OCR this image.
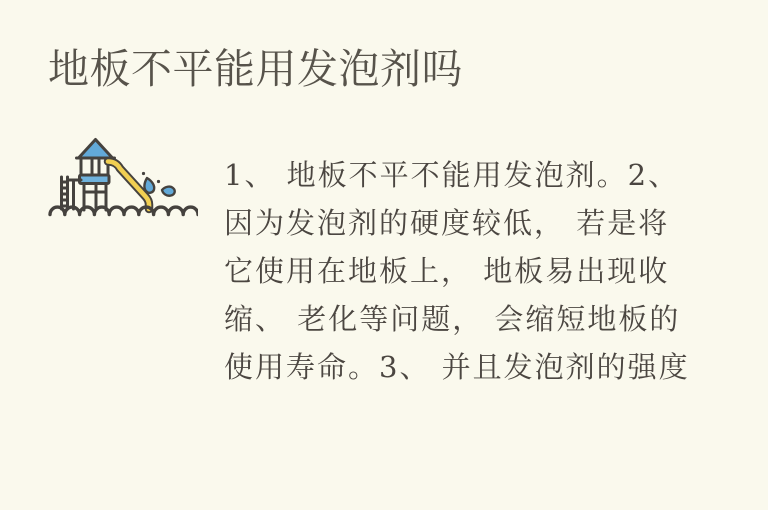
地板不平能用发泡剂吗
1、 地板不平不能用发泡剂。2、
因为发泡剂的硬度较低， 若是将
它使用在地板上， 地板易出现收
缩、 老化等问题， 会缩短地板的
使用寿命。3、 并且发泡剂的强度
